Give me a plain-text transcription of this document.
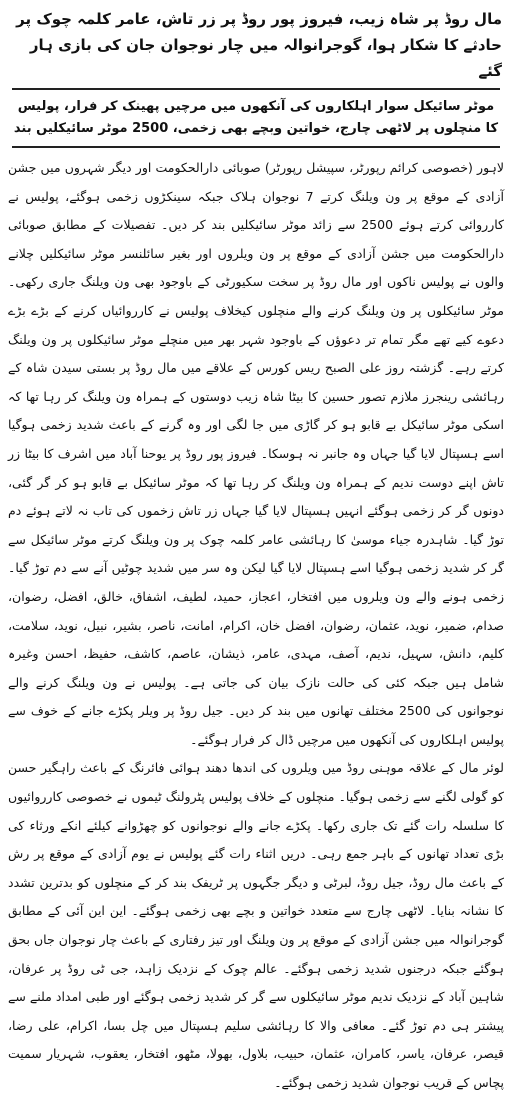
مال روڈ پر شاہ زیب، فیروز پور روڈ پر زر تاش، عامر کلمہ چوک پر حادثے کا شکار ہوا، گوجرانوالہ میں چار نوجوان جان کی بازی ہار گئے
موٹر سائیکل سوار اہلکاروں کی آنکھوں میں مرچیں پھینک کر فرار، پولیس کا منچلوں پر لاٹھی چارج، خواتین وبچے بھی زخمی، 2500 موٹر سائیکلیں بند

لاہور (خصوصی کرائم رپورٹر، سپیشل رپورٹر) صوبائی دارالحکومت اور دیگر شہروں میں جشن آزادی کے موقع پر ون ویلنگ کرتے 7 نوجوان ہلاک جبکہ سینکڑوں زخمی ہوگئے، پولیس نے کارروائی کرتے ہوئے 2500 سے زائد موٹر سائیکلیں بند کر دیں۔ تفصیلات کے مطابق صوبائی دارالحکومت میں جشن آزادی کے موقع پر ون ویلروں اور بغیر سائلنسر موٹر سائیکلیں چلانے والوں نے پولیس ناکوں اور مال روڈ پر سخت سکیورٹی کے باوجود بھی ون ویلنگ جاری رکھی۔ موٹر سائیکلوں پر ون ویلنگ کرنے والے منچلوں کیخلاف پولیس نے کارروائیاں کرنے کے بڑے بڑے دعوے کیے تھے مگر تمام تر دعوؤں کے باوجود شہر بھر میں منچلے موٹر سائیکلوں پر ون ویلنگ کرتے رہے۔ گزشتہ روز علی الصبح ریس کورس کے علاقے میں مال روڈ پر بستی سیدن شاہ کے رہائشی رینجرز ملازم تصور حسین کا بیٹا شاہ زیب دوستوں کے ہمراہ ون ویلنگ کر رہا تھا کہ اسکی موٹر سائیکل بے قابو ہو کر گاڑی میں جا لگی اور وہ گرنے کے باعث شدید زخمی ہوگیا اسے ہسپتال لایا گیا جہاں وہ جانبر نہ ہوسکا۔ فیروز پور روڈ پر یوحنا آباد میں اشرف کا بیٹا زر تاش اپنے دوست ندیم کے ہمراہ ون ویلنگ کر رہا تھا کہ موٹر سائیکل بے قابو ہو کر گر گئی، دونوں گر کر زخمی ہوگئے انہیں ہسپتال لایا گیا جہاں زر تاش زخموں کی تاب نہ لاتے ہوئے دم توڑ گیا۔ شاہدرہ جیاء موسیٰ کا رہائشی عامر کلمہ چوک پر ون ویلنگ کرتے موٹر سائیکل سے گر کر شدید زخمی ہوگیا اسے ہسپتال لایا گیا لیکن وہ سر میں شدید چوٹیں آنے سے دم توڑ گیا۔ زخمی ہونے والے ون ویلروں میں افتخار، اعجاز، حمید، لطیف، اشفاق، خالق، افضل، رضوان، صدام، ضمیر، نوید، عثمان، رضوان، افضل خان، اکرام، امانت، ناصر، بشیر، نبیل، نوید، سلامت، کلیم، دانش، سہیل، ندیم، آصف، مہدی، عامر، ذیشان، عاصم، کاشف، حفیظ، احسن وغیرہ شامل ہیں جبکہ کئی کی حالت نازک بیان کی جاتی ہے۔ پولیس نے ون ویلنگ کرنے والے نوجوانوں کی 2500 مختلف تھانوں میں بند کر دیں۔ جیل روڈ پر ویلر پکڑے جانے کے خوف سے پولیس اہلکاروں کی آنکھوں میں مرچیں ڈال کر فرار ہوگئے۔

لوئر مال کے علاقہ موہنی روڈ میں ویلروں کی اندھا دھند ہوائی فائرنگ کے باعث راہگیر حسن کو گولی لگنے سے زخمی ہوگیا۔ منچلوں کے خلاف پولیس پٹرولنگ ٹیموں نے خصوصی کارروائیوں کا سلسلہ رات گئے تک جاری رکھا۔ پکڑے جانے والے نوجوانوں کو چھڑوانے کیلئے انکے ورثاء کی بڑی تعداد تھانوں کے باہر جمع رہی۔ دریں اثناء رات گئے پولیس نے یوم آزادی کے موقع پر رش کے باعث مال روڈ، جیل روڈ، لبرٹی و دیگر جگہوں پر ٹریفک بند کر کے منچلوں کو بدترین تشدد کا نشانہ بنایا۔ لاٹھی چارج سے متعدد خواتین و بچے بھی زخمی ہوگئے۔ این این آئی کے مطابق گوجرانوالہ میں جشن آزادی کے موقع پر ون ویلنگ اور تیز رفتاری کے باعث چار نوجوان جاں بحق ہوگئے جبکہ درجنوں شدید زخمی ہوگئے۔ عالم چوک کے نزدیک زاہد، جی ٹی روڈ پر عرفان، شاہین آباد کے نزدیک ندیم موٹر سائیکلوں سے گر کر شدید زخمی ہوگئے اور طبی امداد ملنے سے پیشتر ہی دم توڑ گئے۔ معافی والا کا رہائشی سلیم ہسپتال میں چل بسا، اکرام، علی رضا، قیصر، عرفان، یاسر، کامران، عثمان، حبیب، بلاول، بھولا، مٹھو، افتخار، یعقوب، شہریار سمیت پچاس کے قریب نوجوان شدید زخمی ہوگئے۔
